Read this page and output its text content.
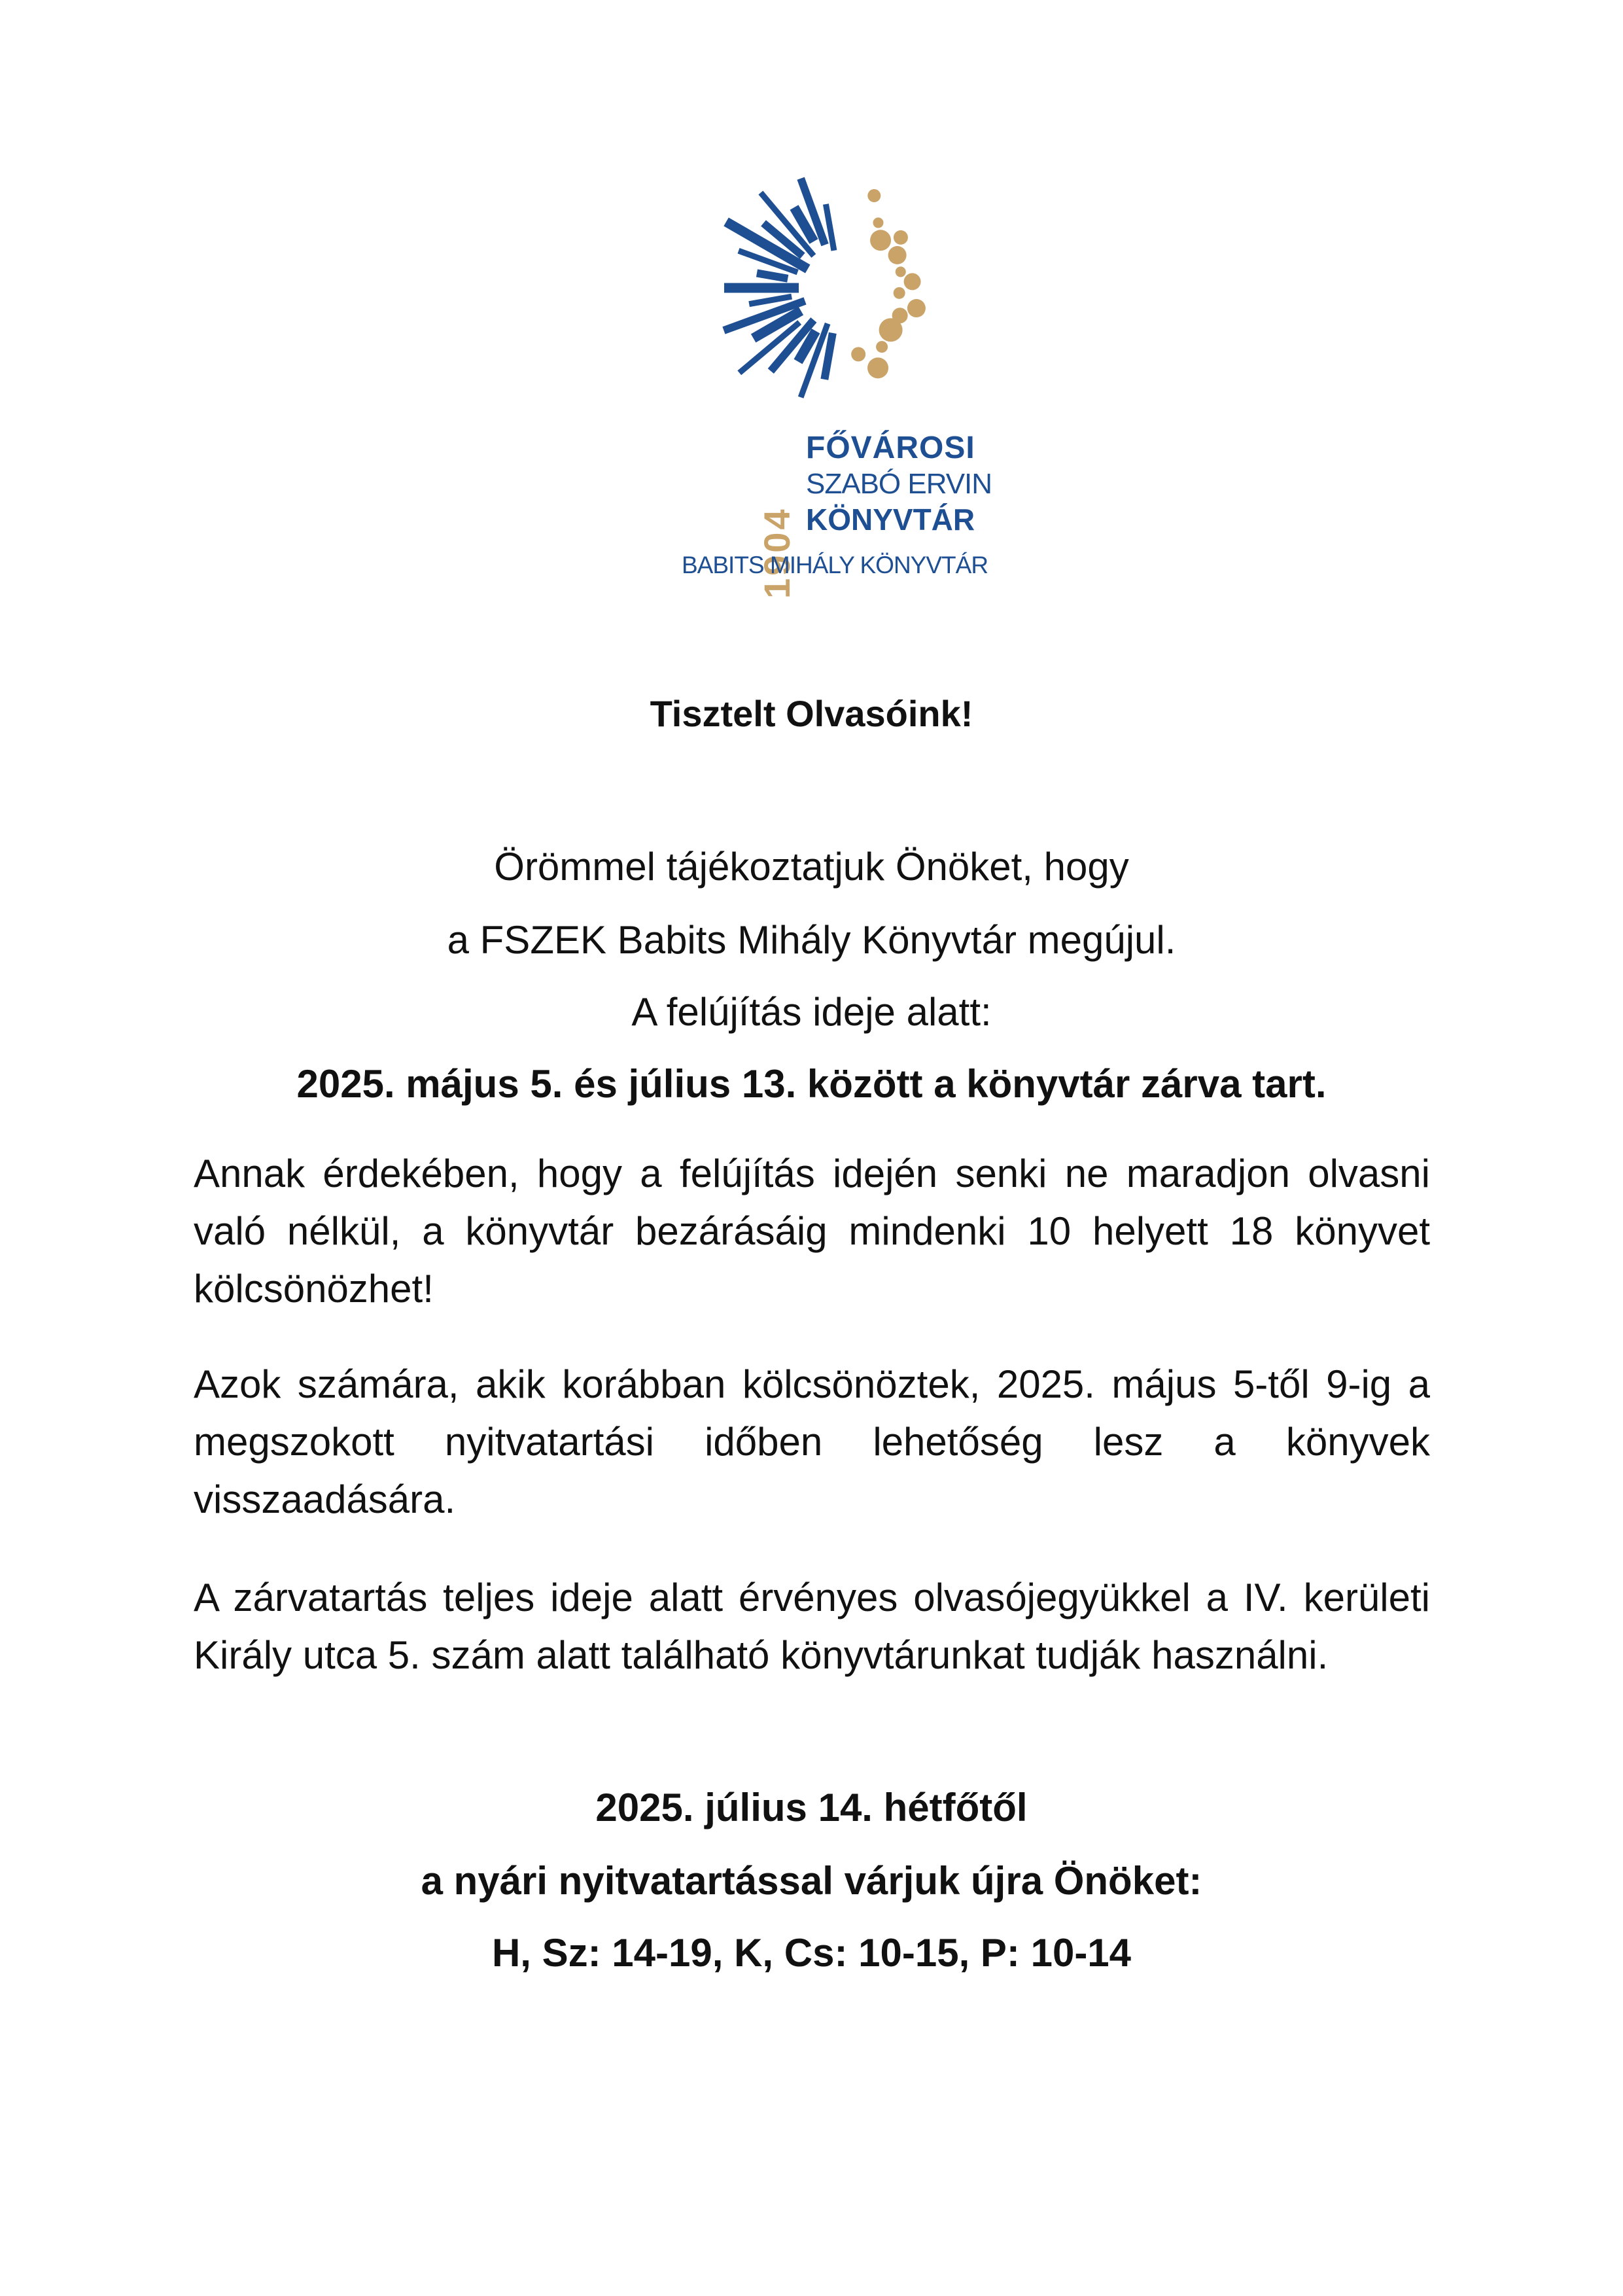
1904
FŐVÁROSI
SZABÓ ERVIN
KÖNYVTÁR
BABITS MIHÁLY KÖNYVTÁR
Tisztelt Olvasóink!
Örömmel tájékoztatjuk Önöket, hogy
a FSZEK Babits Mihály Könyvtár megújul.
A felújítás ideje alatt:
2025. május 5. és július 13. között a könyvtár zárva tart.
Annak érdekében, hogy a felújítás idején senki ne maradjon olvasni való nélkül, a könyvtár bezárásáig mindenki 10 helyett 18 könyvet kölcsönözhet!
Azok számára, akik korábban kölcsönöztek, 2025. május 5-től 9-ig a megszokott nyitvatartási időben lehetőség lesz a könyvek visszaadására.
A zárvatartás teljes ideje alatt érvényes olvasójegyükkel a IV. kerületi Király utca 5. szám alatt található könyvtárunkat tudják használni.
2025. július 14. hétfőtől
a nyári nyitvatartással várjuk újra Önöket:
H, Sz: 14-19, K, Cs: 10-15, P: 10-14
